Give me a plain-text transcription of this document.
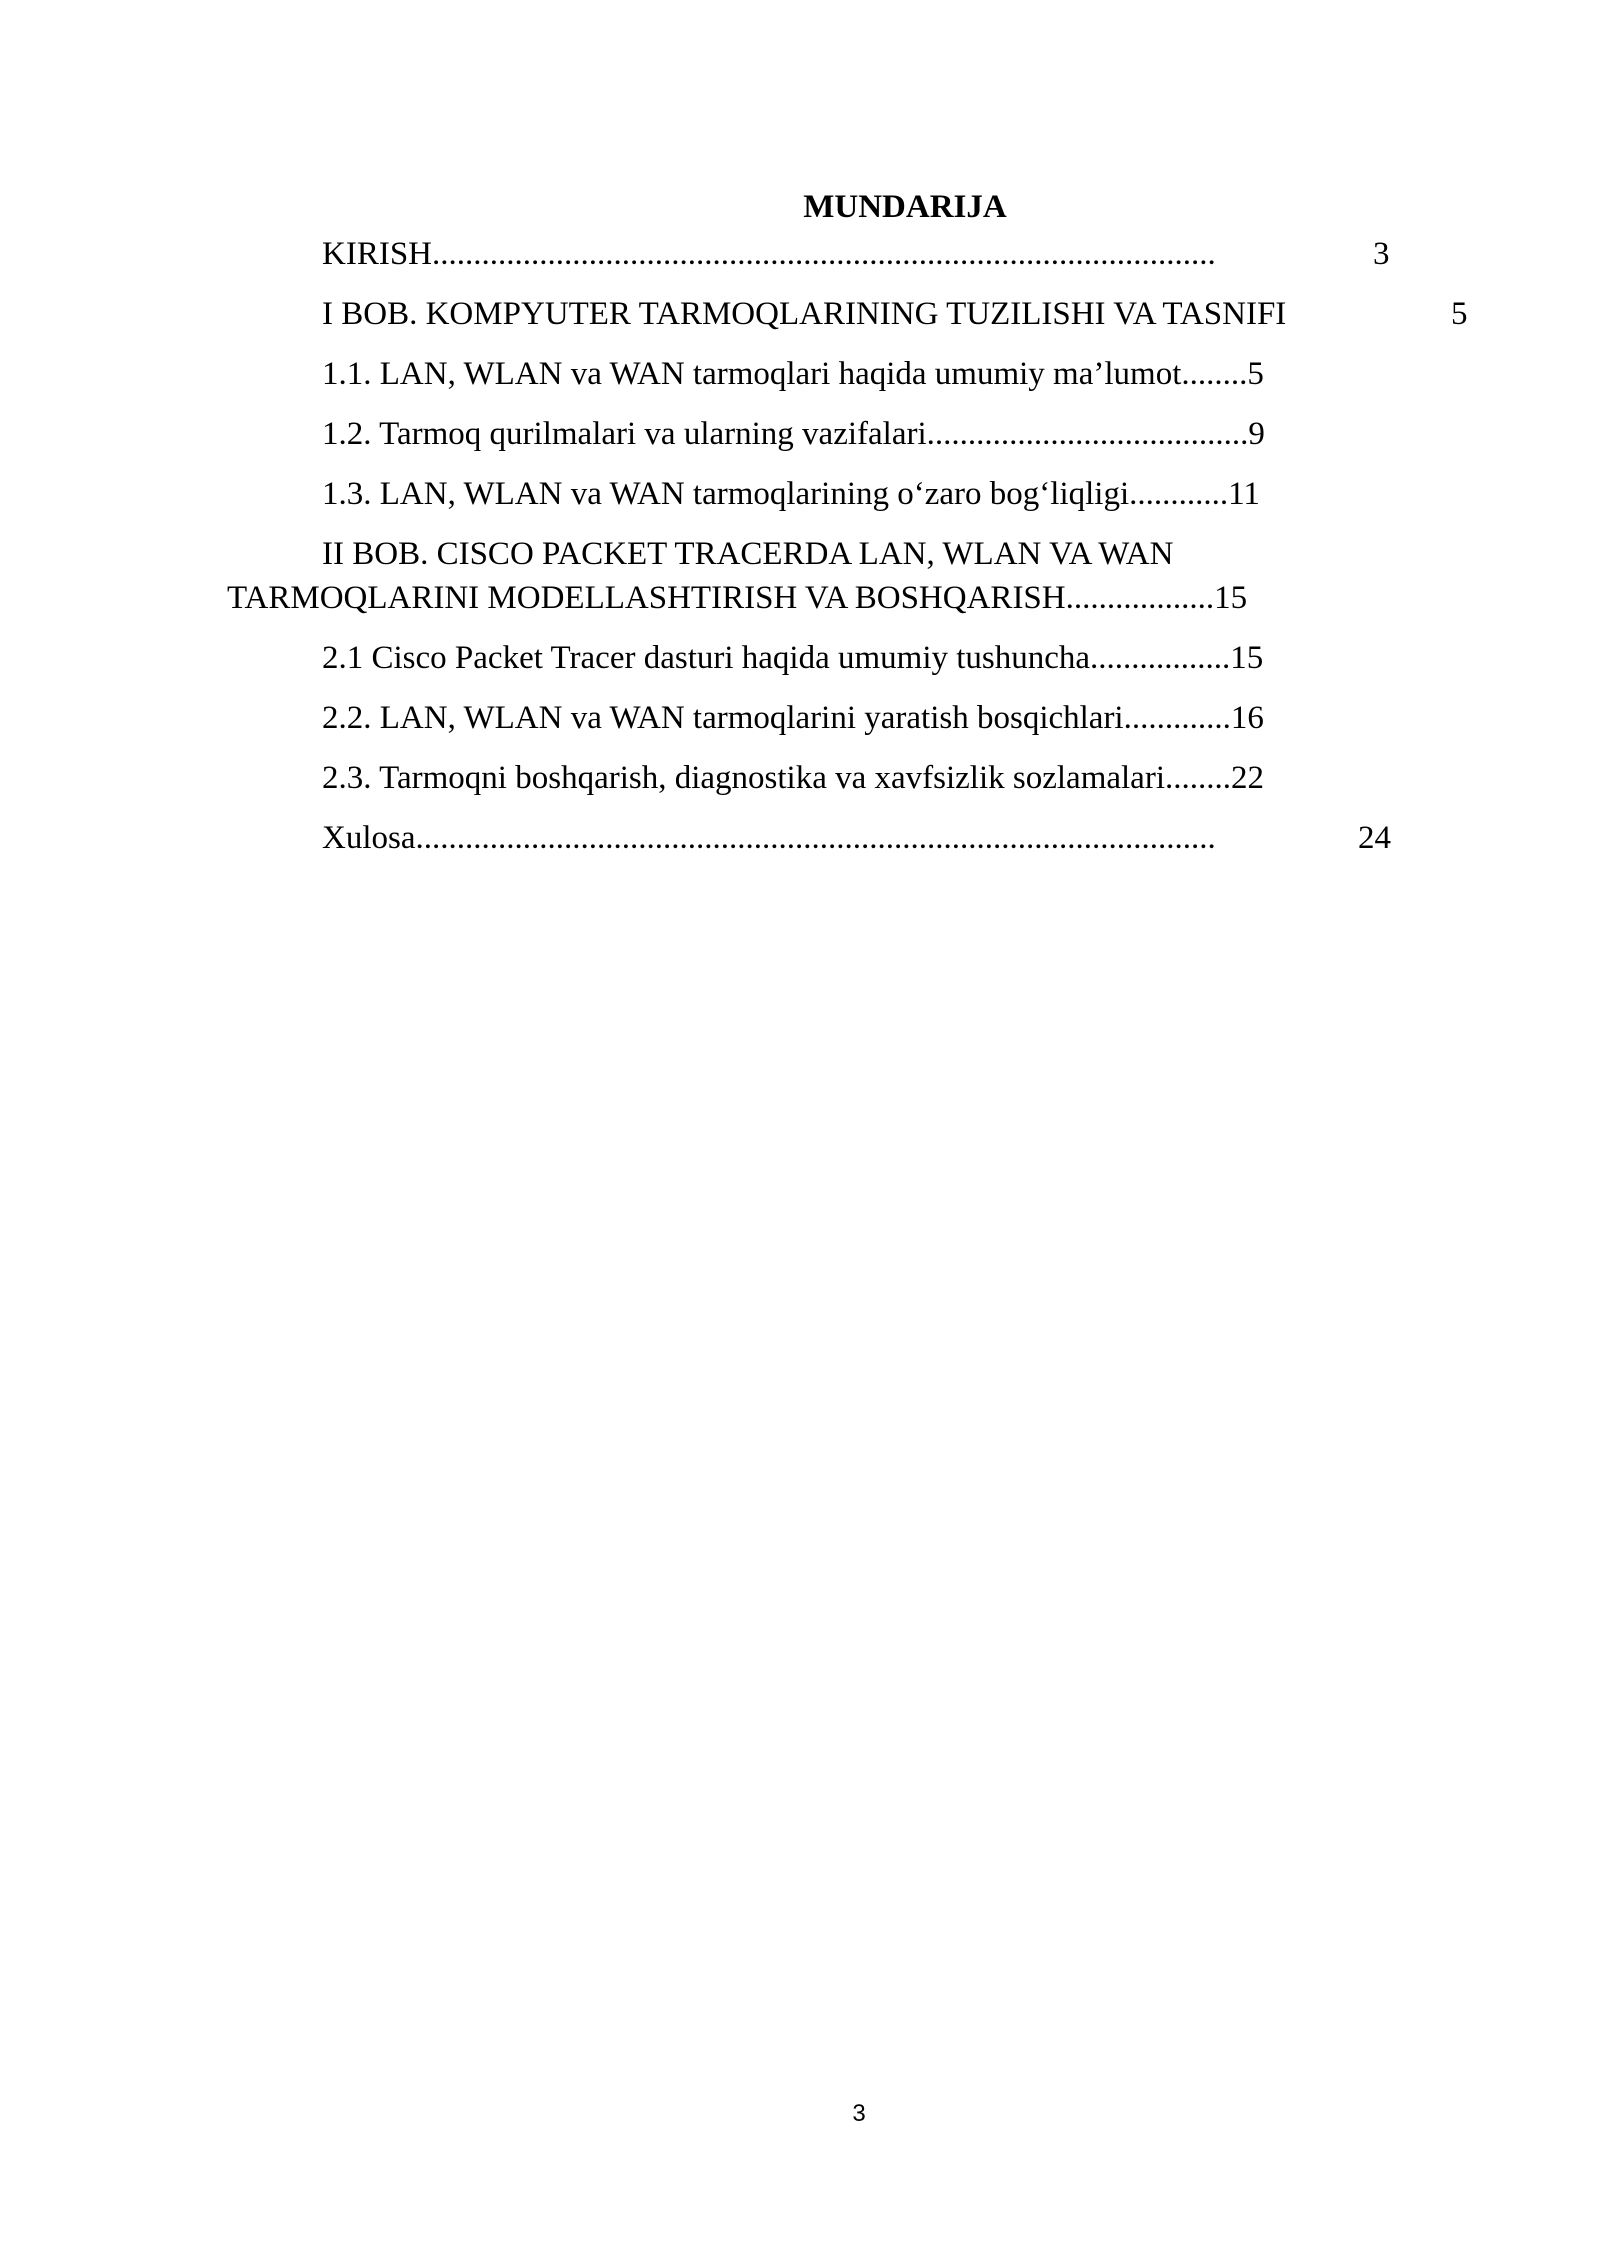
MUNDARIJA
KIRISH...............................................................................................	3
I BOB. KOMPYUTER TARMOQLARINING TUZILISHI VA TASNIFI	5
1.1. LAN, WLAN va WAN tarmoqlari haqida umumiy ma’lumot........5
1.2. Tarmoq qurilmalari va ularning vazifalari.......................................9
1.3. LAN, WLAN va WAN tarmoqlarining o‘zaro bog‘liqligi............11
II BOB. CISCO PACKET TRACERDA LAN, WLAN VA WAN
TARMOQLARINI MODELLASHTIRISH VA BOSHQARISH..................15
2.1 Cisco Packet Tracer dasturi haqida umumiy tushuncha.................15
2.2. LAN, WLAN va WAN tarmoqlarini yaratish bosqichlari.............16
2.3. Tarmoqni boshqarish, diagnostika va xavfsizlik sozlamalari........22
Xulosa.................................................................................................	24
3
